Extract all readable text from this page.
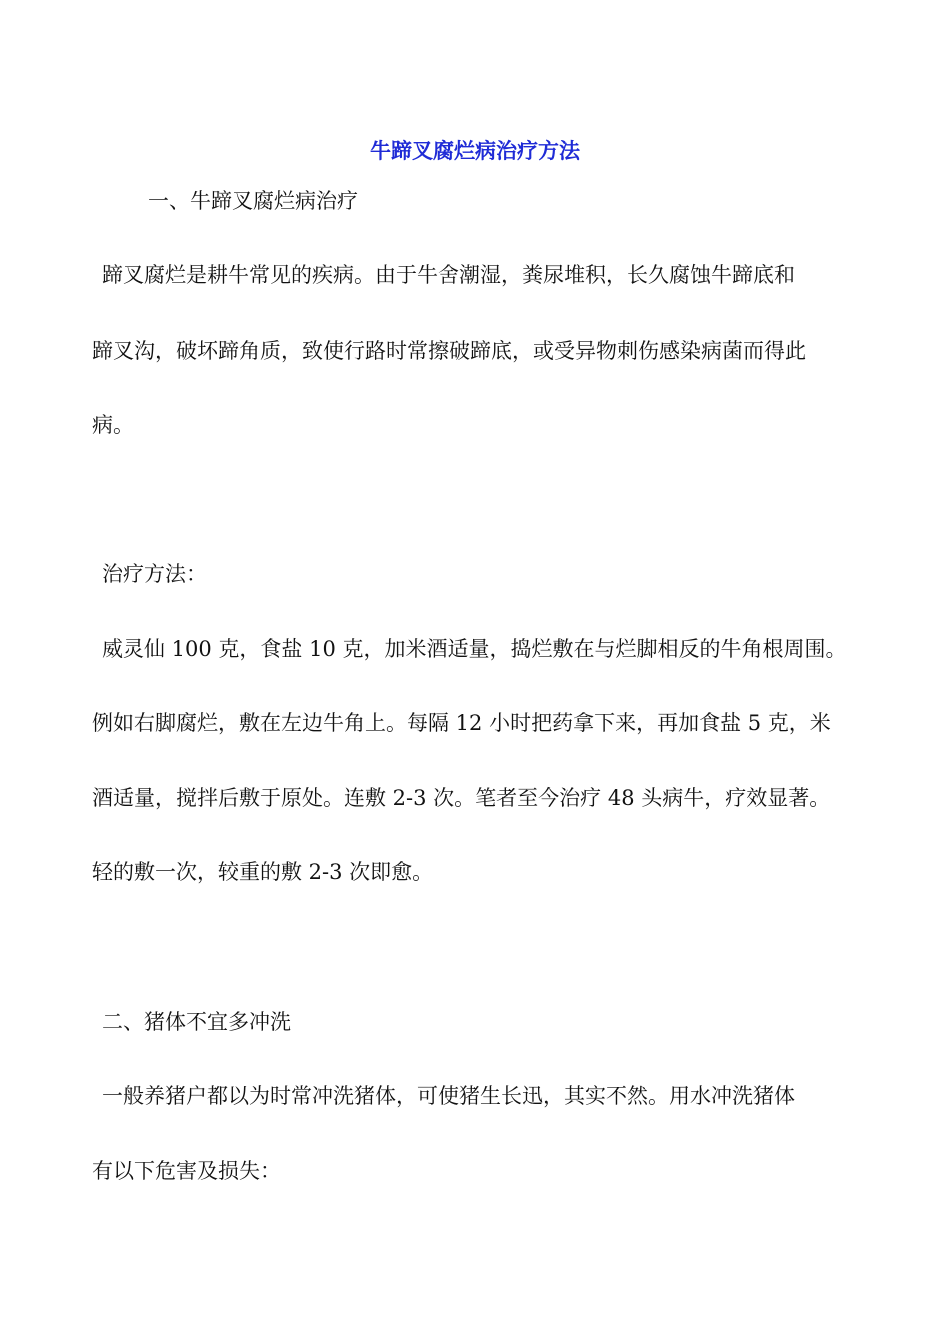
牛蹄叉腐烂病治疗方法

一、牛蹄叉腐烂病治疗

蹄叉腐烂是耕牛常见的疾病。由于牛舍潮湿，粪尿堆积，长久腐蚀牛蹄底和

蹄叉沟，破坏蹄角质，致使行路时常擦破蹄底，或受异物刺伤感染病菌而得此

病。

治疗方法：

威灵仙 100 克，食盐 10 克，加米酒适量，捣烂敷在与烂脚相反的牛角根周围。

例如右脚腐烂，敷在左边牛角上。每隔 12 小时把药拿下来，再加食盐 5 克，米

酒适量，搅拌后敷于原处。连敷 2-3 次。笔者至今治疗 48 头病牛，疗效显著。

轻的敷一次，较重的敷 2-3 次即愈。

二、猪体不宜多冲洗

一般养猪户都以为时常冲洗猪体，可使猪生长迅，其实不然。用水冲洗猪体

有以下危害及损失：
